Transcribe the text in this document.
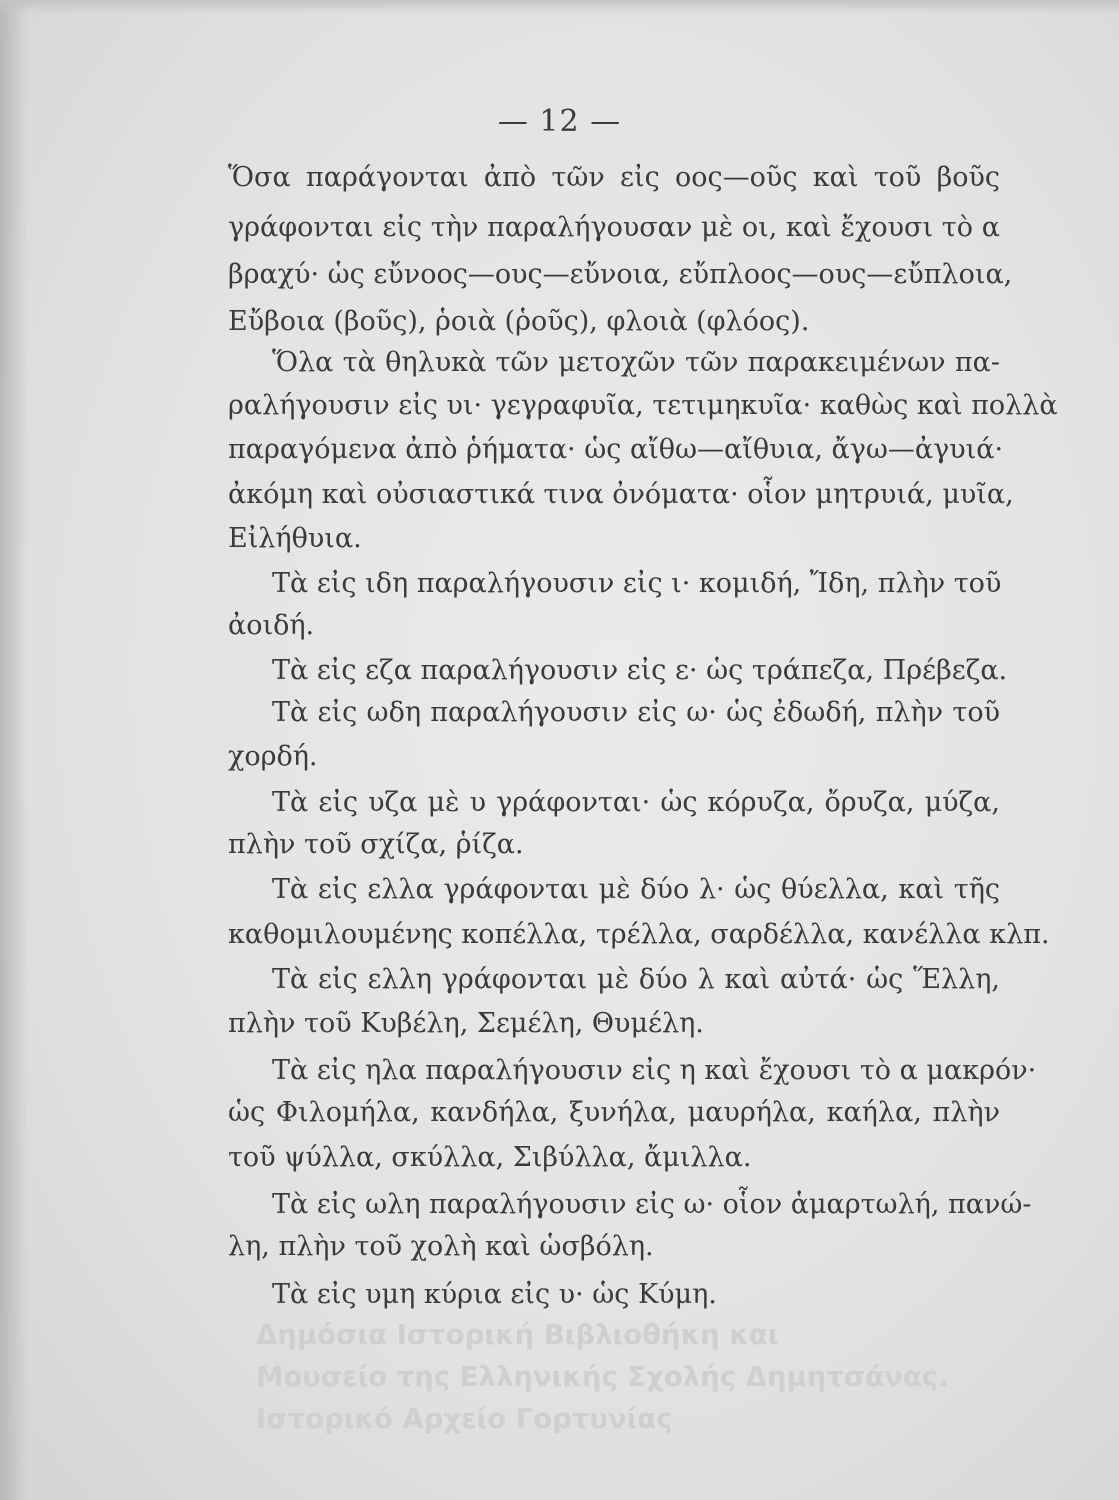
— 12 —
Ὅσα παράγονται ἀπὸ τῶν εἰς οος—οῦς καὶ τοῦ βοῦς
γράφονται εἰς τὴν παραλήγουσαν μὲ οι, καὶ ἔχουσι τὸ α
βραχύ· ὡς εὔνοος—ους—εὔνοια, εὔπλοος—ους—εὔπλοια,
Εὔβοια (βοῦς), ῥοιὰ (ῥοῦς), φλοιὰ (φλόος).
Ὅλα τὰ θηλυκὰ τῶν μετοχῶν τῶν παρακειμένων πα-
ραλήγουσιν εἰς υι· γεγραφυῖα, τετιμηκυῖα· καθὼς καὶ πολλὰ
παραγόμενα ἀπὸ ῥήματα· ὡς αἴθω—αἴθυια, ἄγω—ἀγυιά·
ἀκόμη καὶ οὐσιαστικά τινα ὀνόματα· οἷον μητρυιά, μυῖα,
Εἰλήθυια.
Τὰ εἰς ιδη παραλήγουσιν εἰς ι· κομιδή, Ἴδη, πλὴν τοῦ
ἀοιδή.
Τὰ εἰς εζα παραλήγουσιν εἰς ε· ὡς τράπεζα, Πρέβεζα.
Τὰ εἰς ωδη παραλήγουσιν εἰς ω· ὡς ἐδωδή, πλὴν τοῦ
χορδή.
Τὰ εἰς υζα μὲ υ γράφονται· ὡς κόρυζα, ὄρυζα, μύζα,
πλὴν τοῦ σχίζα, ῥίζα.
Τὰ εἰς ελλα γράφονται μὲ δύο λ· ὡς θύελλα, καὶ τῆς
καθομιλουμένης κοπέλλα, τρέλλα, σαρδέλλα, κανέλλα κλπ.
Τὰ εἰς ελλη γράφονται μὲ δύο λ καὶ αὐτά· ὡς Ἕλλη,
πλὴν τοῦ Κυβέλη, Σεμέλη, Θυμέλη.
Τὰ εἰς ηλα παραλήγουσιν εἰς η καὶ ἔχουσι τὸ α μακρόν·
ὡς Φιλομήλα, κανδήλα, ξυνήλα, μαυρήλα, καήλα, πλὴν
τοῦ ψύλλα, σκύλλα, Σιβύλλα, ἄμιλλα.
Τὰ εἰς ωλη παραλήγουσιν εἰς ω· οἷον ἁμαρτωλή, πανώ-
λη, πλὴν τοῦ χολὴ καὶ ὡσβόλη.
Τὰ εἰς υμη κύρια εἰς υ· ὡς Κύμη.
Δημόσια Ιστορική Βιβλιοθήκη και
Μουσείο της Ελληνικής Σχολής Δημητσάνας.
Ιστορικό Αρχείο Γορτυνίας
